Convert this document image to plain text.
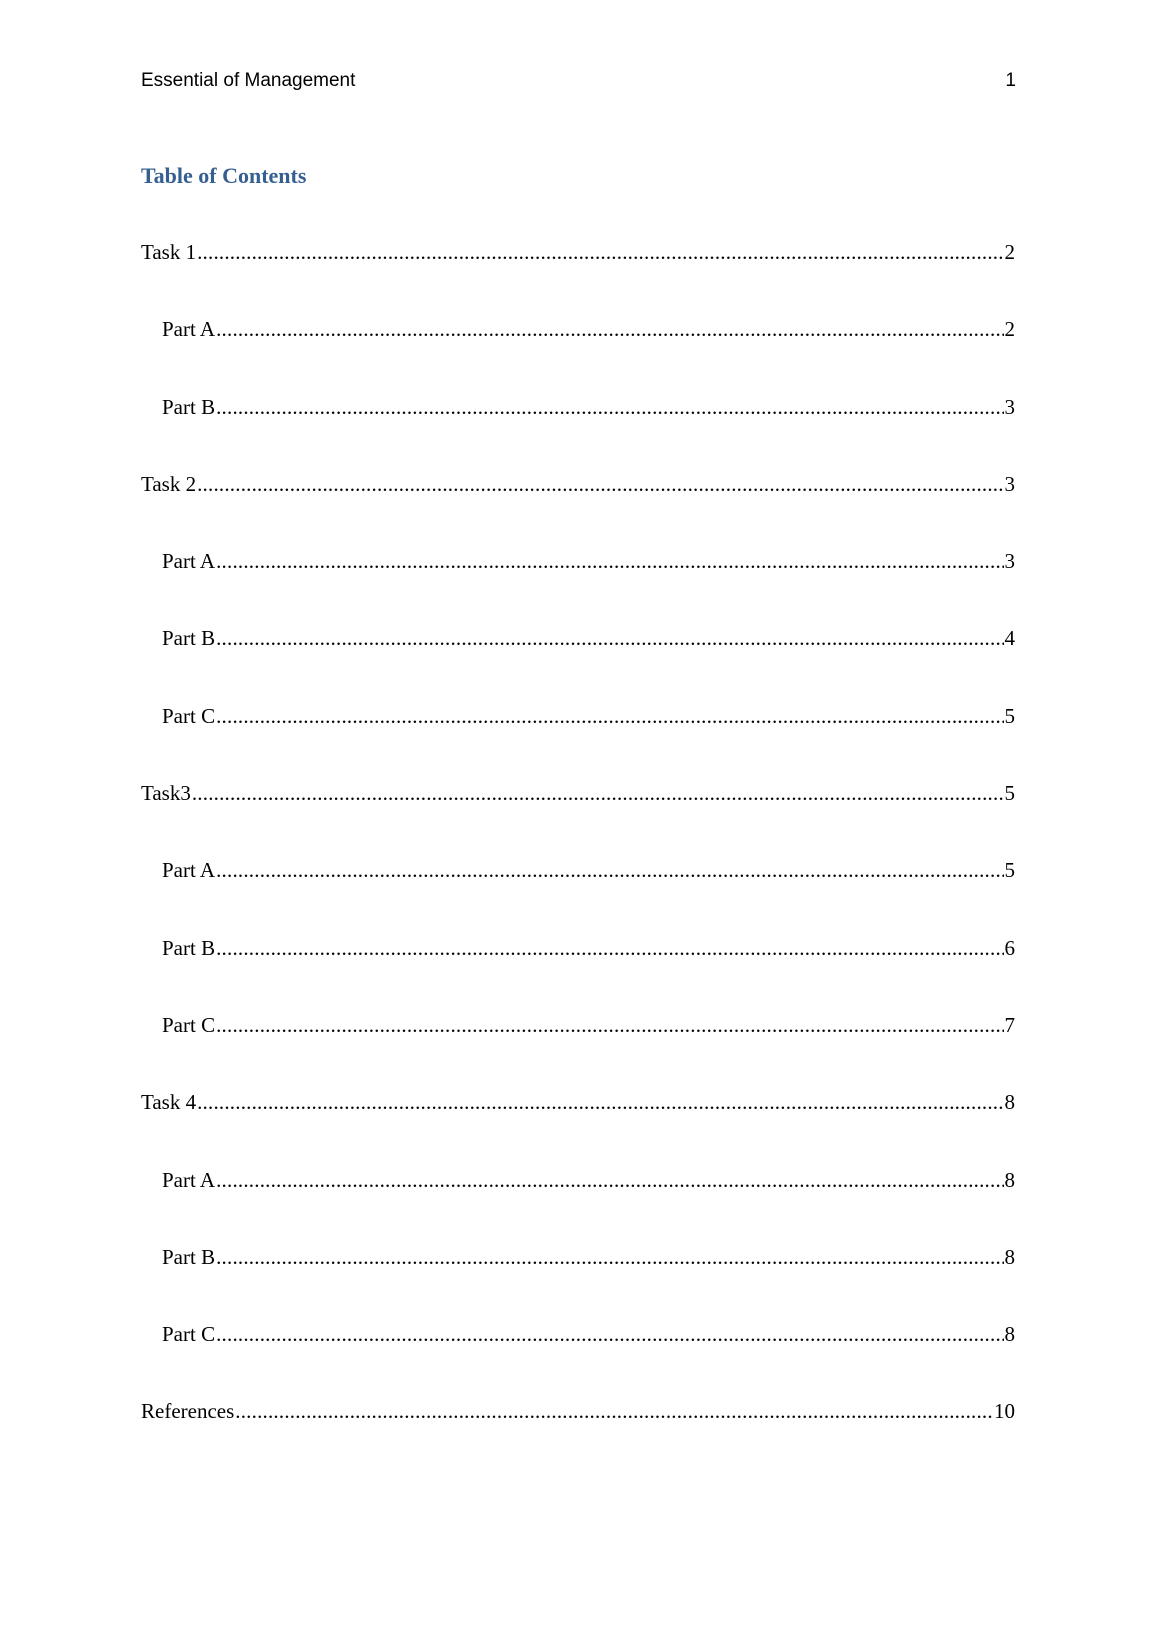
Essential of Management	1
Table of Contents
Task 1 .....	2
Part A .....	2
Part B .....	3
Task 2 .....	3
Part A .....	3
Part B .....	4
Part C .....	5
Task3 .....	5
Part A .....	5
Part B .....	6
Part C .....	7
Task 4 .....	8
Part A .....	8
Part B .....	8
Part C .....	8
References .....	10
